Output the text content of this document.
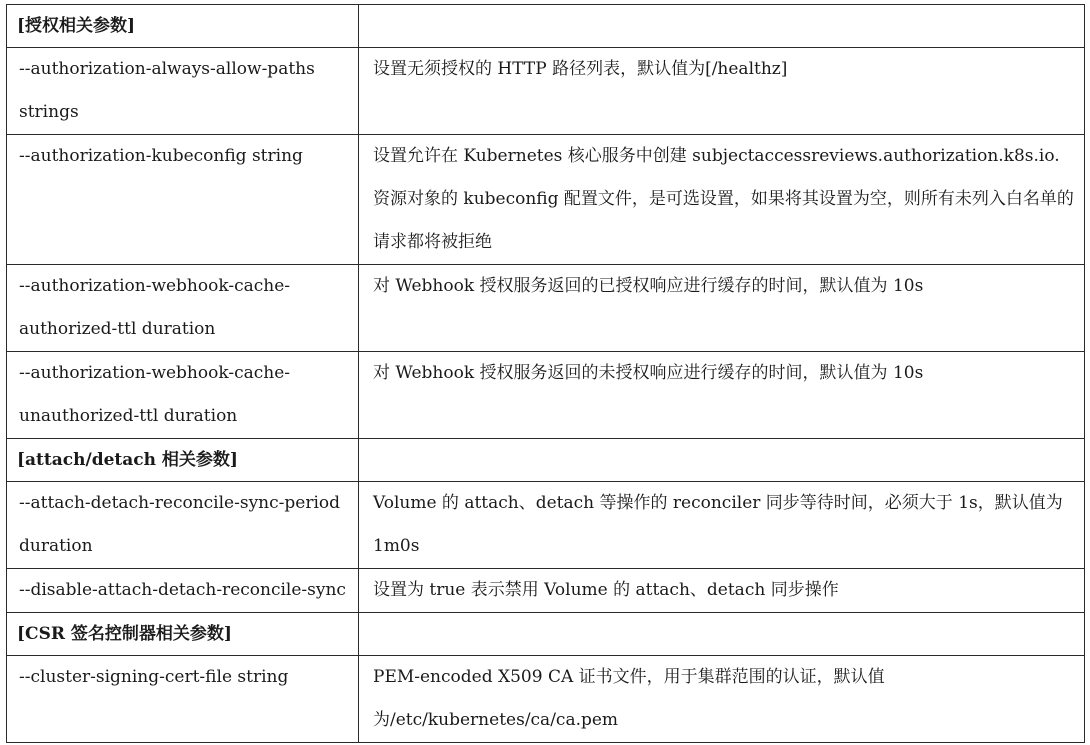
[授权相关参数]	
--authorization-always-allow-paths strings	设置无须授权的 HTTP 路径列表，默认值为[/healthz]
--authorization-kubeconfig string	设置允许在 Kubernetes 核心服务中创建 subjectaccessreviews.authorization.k8s.io.资源对象的 kubeconfig 配置文件，是可选设置，如果将其设置为空，则所有未列入白名单的请求都将被拒绝
--authorization-webhook-cache-authorized-ttl duration	对 Webhook 授权服务返回的已授权响应进行缓存的时间，默认值为 10s
--authorization-webhook-cache-unauthorized-ttl duration	对 Webhook 授权服务返回的未授权响应进行缓存的时间，默认值为 10s
[attach/detach 相关参数]	
--attach-detach-reconcile-sync-period duration	Volume 的 attach、detach 等操作的 reconciler 同步等待时间，必须大于 1s，默认值为 1m0s
--disable-attach-detach-reconcile-sync	设置为 true 表示禁用 Volume 的 attach、detach 同步操作
[CSR 签名控制器相关参数]	
--cluster-signing-cert-file string	PEM-encoded X509 CA 证书文件，用于集群范围的认证，默认值为/etc/kubernetes/ca/ca.pem
